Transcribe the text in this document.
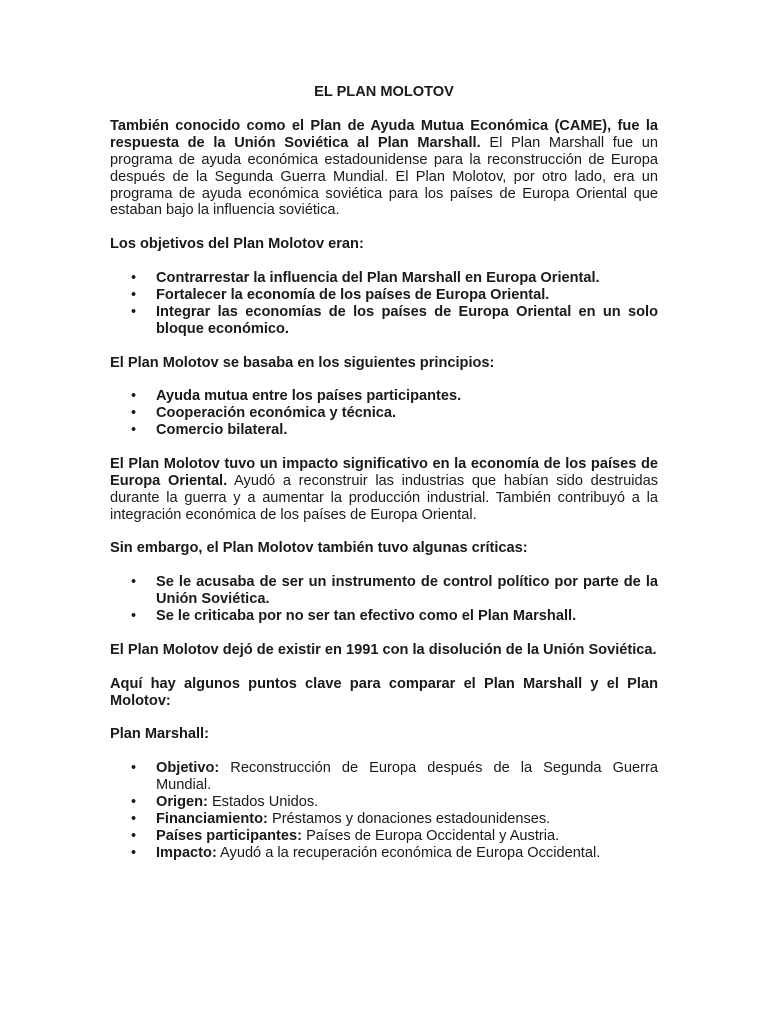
EL PLAN MOLOTOV

También conocido como el Plan de Ayuda Mutua Económica (CAME), fue la respuesta de la Unión Soviética al Plan Marshall. El Plan Marshall fue un programa de ayuda económica estadounidense para la reconstrucción de Europa después de la Segunda Guerra Mundial. El Plan Molotov, por otro lado, era un programa de ayuda económica soviética para los países de Europa Oriental que estaban bajo la influencia soviética.

Los objetivos del Plan Molotov eran:

• Contrarrestar la influencia del Plan Marshall en Europa Oriental.
• Fortalecer la economía de los países de Europa Oriental.
• Integrar las economías de los países de Europa Oriental en un solo bloque económico.

El Plan Molotov se basaba en los siguientes principios:

• Ayuda mutua entre los países participantes.
• Cooperación económica y técnica.
• Comercio bilateral.

El Plan Molotov tuvo un impacto significativo en la economía de los países de Europa Oriental. Ayudó a reconstruir las industrias que habían sido destruidas durante la guerra y a aumentar la producción industrial. También contribuyó a la integración económica de los países de Europa Oriental.

Sin embargo, el Plan Molotov también tuvo algunas críticas:

• Se le acusaba de ser un instrumento de control político por parte de la Unión Soviética.
• Se le criticaba por no ser tan efectivo como el Plan Marshall.

El Plan Molotov dejó de existir en 1991 con la disolución de la Unión Soviética.

Aquí hay algunos puntos clave para comparar el Plan Marshall y el Plan Molotov:

Plan Marshall:

• Objetivo: Reconstrucción de Europa después de la Segunda Guerra Mundial.
• Origen: Estados Unidos.
• Financiamiento: Préstamos y donaciones estadounidenses.
• Países participantes: Países de Europa Occidental y Austria.
• Impacto: Ayudó a la recuperación económica de Europa Occidental.
